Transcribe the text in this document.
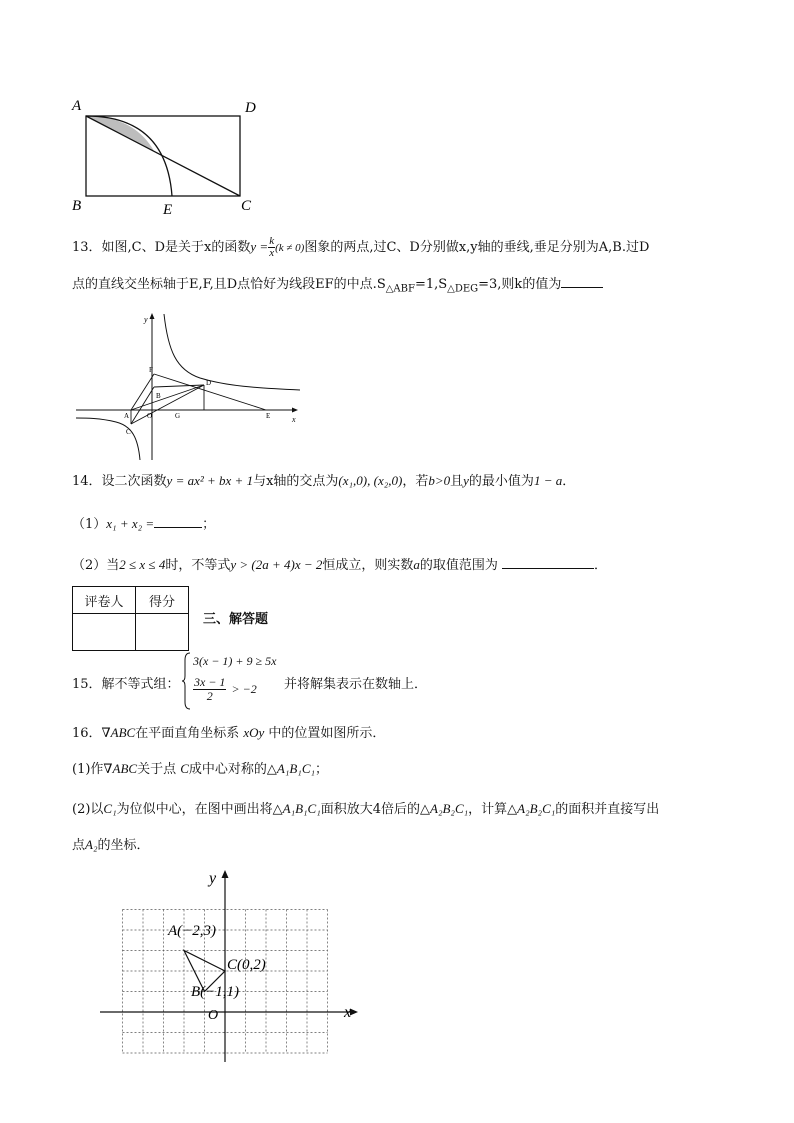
A	D
B	E	C
13．如图,C、D是关于x的函数$y = \frac{k}{x} (k \ne 0)$图象的两点,过C、D分别做x,y轴的垂线,垂足分别为A,B.过D
点的直线交坐标轴于E,F,且D点恰好为线段EF的中点$.S_{\triangle ABF}=1,S_{\triangle DEG}=3$,则k的值为
y
x
F
D
B
A	O	G	E
C
14．设二次函数y = ax² + bx + 1与x轴的交点为(x₁,0), (x₂,0)，若b>0且y的最小值为1 − a．
（1）x₁ + x₂ =	；
（2）当2 ≤ x ≤ 4时，不等式y > (2a + 4)x − 2恒成立，则实数a的取值范围为	．
评卷人	得分

三、解答题
15．解不等式组：
3(x − 1) + 9 ≥ 5x
$\frac{3x - 1}{2} > -2$ 并将解集表示在数轴上．
16．∇ABC在平面直角坐标系 xOy 中的位置如图所示．
(1)作∇ABC关于点 C成中心对称的△A₁B₁C₁；
(2)以C₁为位似中心，在图中画出将△A₁B₁C₁面积放大4倍后的△A₂B₂C₁，计算△A₂B₂C₁的面积并直接写出
点A₂的坐标．
A(−2,3)
B(−1,1)
C(0,2)
O	x
y
